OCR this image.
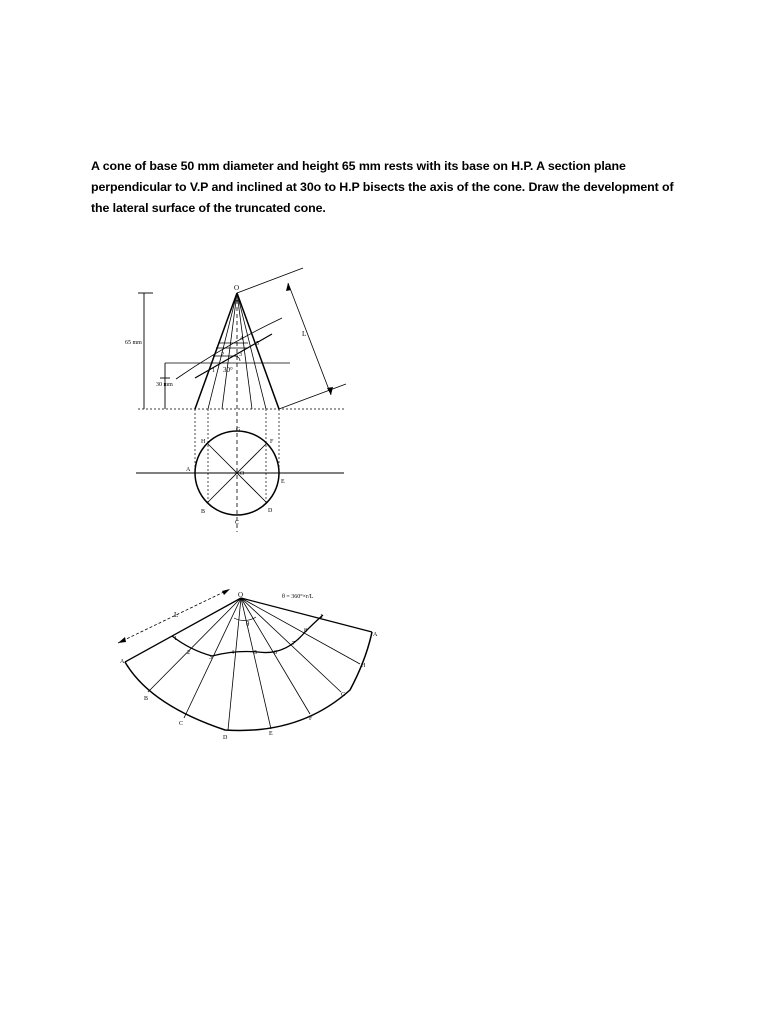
A cone of base 50 mm diameter and height 65 mm rests with its base on H.P. A section plane perpendicular to V.P and inclined at 30o to H.P bisects the axis of the cone. Draw the development of the lateral surface of the truncated cone.

O
L
65 mm
30 mm
30°
1
2	3
4
5
A
B
C
D
E
F
G
H
O
O
L
θ
θ = 360°×r/L
A
B
C
D
E
F
G
H
A
1
2
3
4	5	6
7
8
1
